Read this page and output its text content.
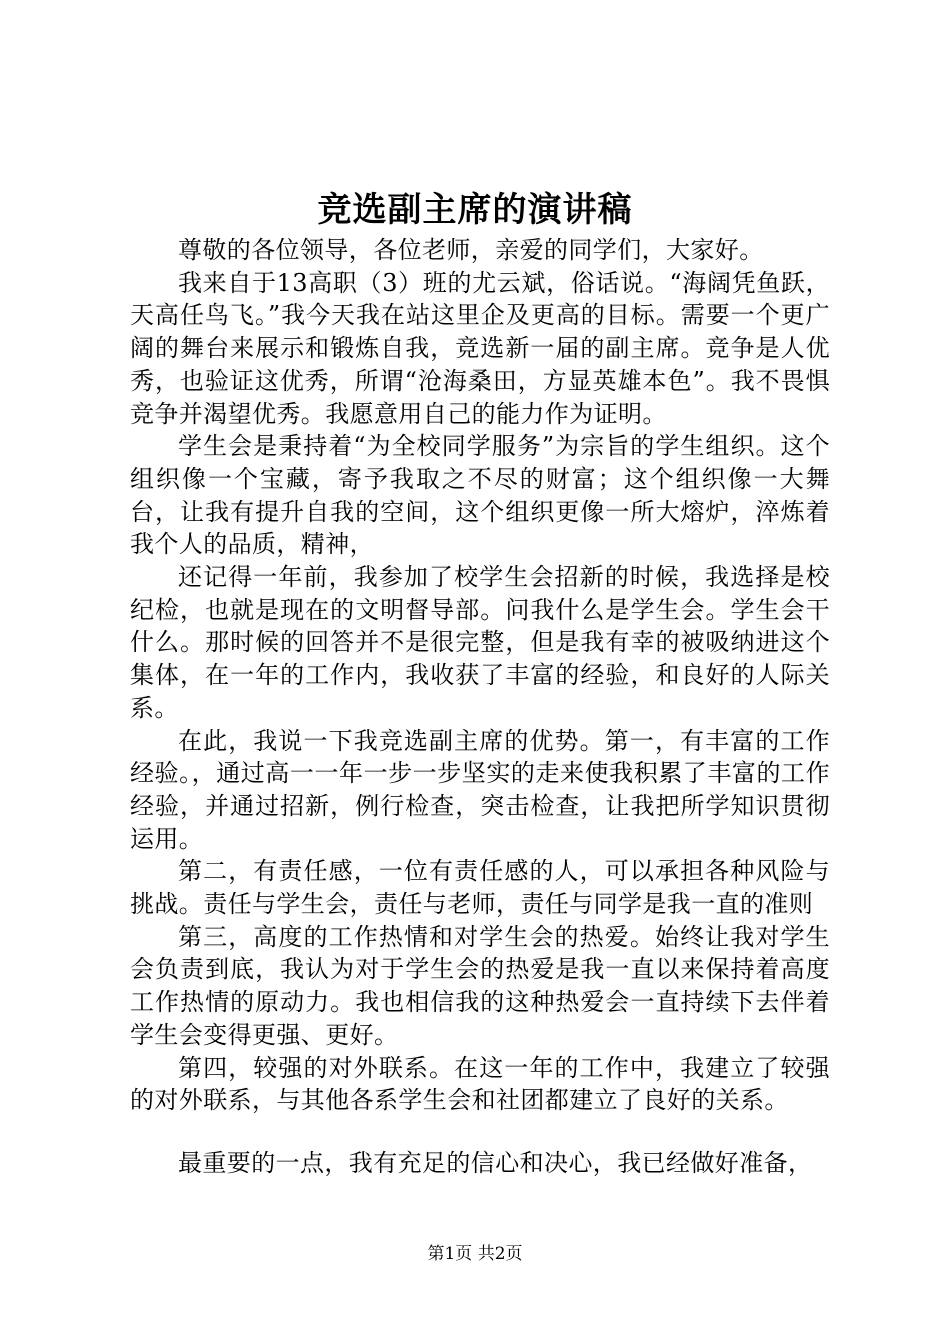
竞选副主席的演讲稿

尊敬的各位领导，各位老师，亲爱的同学们，大家好。

我来自于13高职（3）班的尤云斌，俗话说。“海阔凭鱼跃，天高任鸟飞。”我今天我在站这里企及更高的目标。需要一个更广阔的舞台来展示和锻炼自我，竞选新一届的副主席。竞争是人优秀，也验证这优秀，所谓“沧海桑田，方显英雄本色”。我不畏惧竞争并渴望优秀。我愿意用自己的能力作为证明。

学生会是秉持着“为全校同学服务”为宗旨的学生组织。这个组织像一个宝藏，寄予我取之不尽的财富；这个组织像一大舞台，让我有提升自我的空间，这个组织更像一所大熔炉，淬炼着我个人的品质，精神，

还记得一年前，我参加了校学生会招新的时候，我选择是校纪检，也就是现在的文明督导部。问我什么是学生会。学生会干什么。那时候的回答并不是很完整，但是我有幸的被吸纳进这个集体，在一年的工作内，我收获了丰富的经验，和良好的人际关系。

在此，我说一下我竞选副主席的优势。第一，有丰富的工作经验。，通过高一一年一步一步坚实的走来使我积累了丰富的工作经验，并通过招新，例行检查，突击检查，让我把所学知识贯彻运用。

第二，有责任感，一位有责任感的人，可以承担各种风险与挑战。责任与学生会，责任与老师，责任与同学是我一直的准则

第三，高度的工作热情和对学生会的热爱。始终让我对学生会负责到底，我认为对于学生会的热爱是我一直以来保持着高度工作热情的原动力。我也相信我的这种热爱会一直持续下去伴着学生会变得更强、更好。

第四，较强的对外联系。在这一年的工作中，我建立了较强的对外联系，与其他各系学生会和社团都建立了良好的关系。

最重要的一点，我有充足的信心和决心，我已经做好准备，

第1页 共2页
